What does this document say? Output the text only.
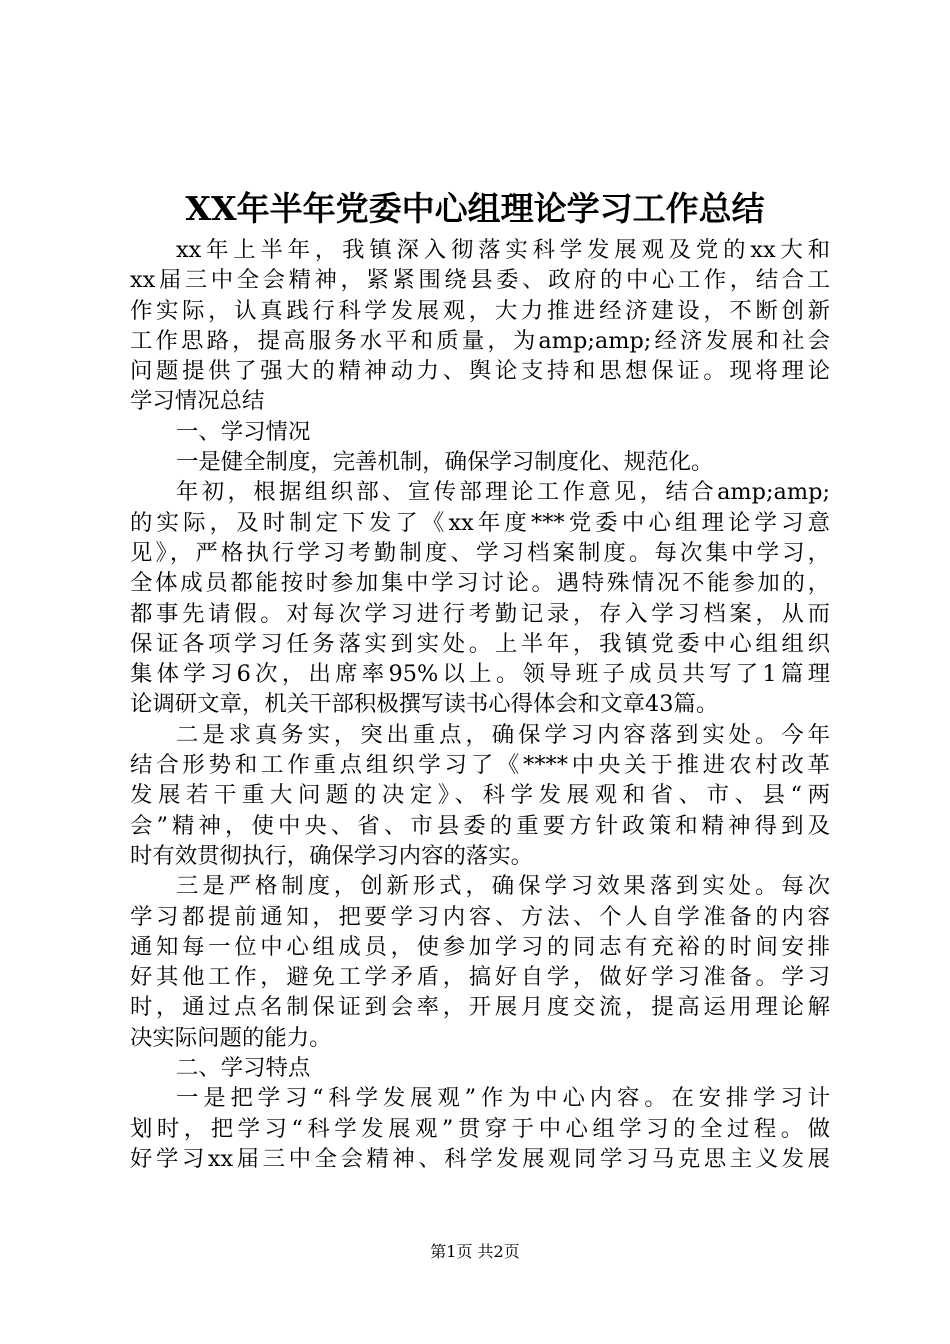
XX年半年党委中心组理论学习工作总结
xx年上半年，我镇深入彻落实科学发展观及党的xx大和
xx届三中全会精神，紧紧围绕县委、政府的中心工作，结合工
作实际，认真践行科学发展观，大力推进经济建设，不断创新
工作思路，提高服务水平和质量，为amp;amp;经济发展和社会
问题提供了强大的精神动力、舆论支持和思想保证。现将理论
学习情况总结
一、学习情况
一是健全制度，完善机制，确保学习制度化、规范化。
年初，根据组织部、宣传部理论工作意见，结合amp;amp;
的实际，及时制定下发了《xx年度***党委中心组理论学习意
见》，严格执行学习考勤制度、学习档案制度。每次集中学习，
全体成员都能按时参加集中学习讨论。遇特殊情况不能参加的，
都事先请假。对每次学习进行考勤记录，存入学习档案，从而
保证各项学习任务落实到实处。上半年，我镇党委中心组组织
集体学习6次，出席率95%以上。领导班子成员共写了1篇理
论调研文章，机关干部积极撰写读书心得体会和文章43篇。
二是求真务实，突出重点，确保学习内容落到实处。今年
结合形势和工作重点组织学习了《****中央关于推进农村改革
发展若干重大问题的决定》、科学发展观和省、市、县“两
会”精神，使中央、省、市县委的重要方针政策和精神得到及
时有效贯彻执行，确保学习内容的落实。
三是严格制度，创新形式，确保学习效果落到实处。每次
学习都提前通知，把要学习内容、方法、个人自学准备的内容
通知每一位中心组成员，使参加学习的同志有充裕的时间安排
好其他工作，避免工学矛盾，搞好自学，做好学习准备。学习
时，通过点名制保证到会率，开展月度交流，提高运用理论解
决实际问题的能力。
二、学习特点
一是把学习“科学发展观”作为中心内容。在安排学习计
划时，把学习“科学发展观”贯穿于中心组学习的全过程。做
好学习xx届三中全会精神、科学发展观同学习马克思主义发展
第1页 共2页
